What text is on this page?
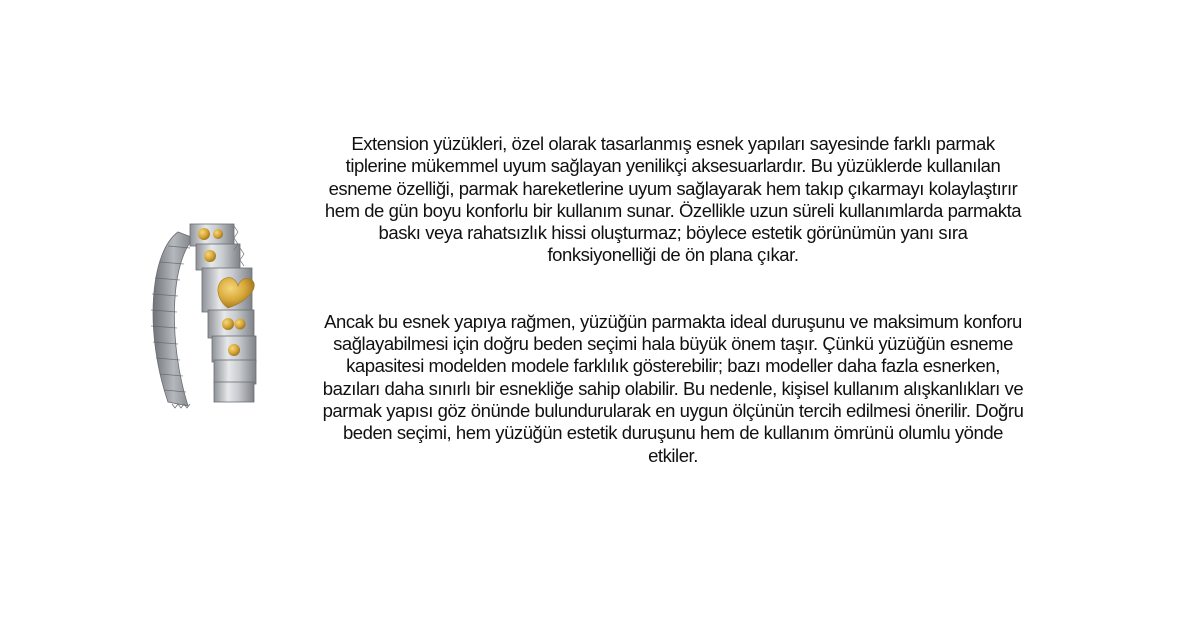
Extension yüzükleri, özel olarak tasarlanmış esnek yapıları sayesinde farklı parmak tiplerine mükemmel uyum sağlayan yenilikçi aksesuarlardır. Bu yüzüklerde kullanılan esneme özelliği, parmak hareketlerine uyum sağlayarak hem takıp çıkarmayı kolaylaştırır hem de gün boyu konforlu bir kullanım sunar. Özellikle uzun süreli kullanımlarda parmakta baskı veya rahatsızlık hissi oluşturmaz; böylece estetik görünümün yanı sıra fonksiyonelliği de ön plana çıkar.

Ancak bu esnek yapıya rağmen, yüzüğün parmakta ideal duruşunu ve maksimum konforu sağlayabilmesi için doğru beden seçimi hala büyük önem taşır. Çünkü yüzüğün esneme kapasitesi modelden modele farklılık gösterebilir; bazı modeller daha fazla esnerken, bazıları daha sınırlı bir esnekliğe sahip olabilir. Bu nedenle, kişisel kullanım alışkanlıkları ve parmak yapısı göz önünde bulundurularak en uygun ölçünün tercih edilmesi önerilir. Doğru beden seçimi, hem yüzüğün estetik duruşunu hem de kullanım ömrünü olumlu yönde etkiler.
